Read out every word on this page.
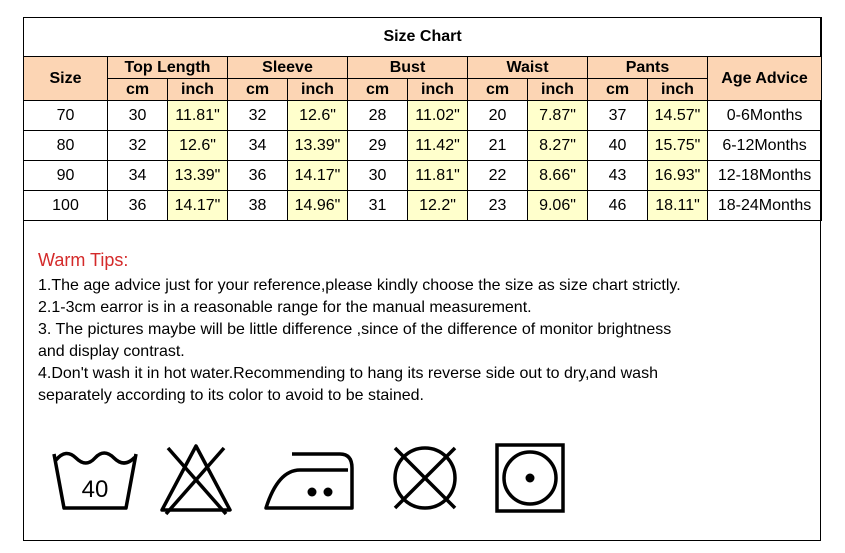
Size Chart											
Size	Top Length		Sleeve		Bust		Waist		Pants		Age Advice
	cm	inch	cm	inch	cm	inch	cm	inch	cm	inch	
70	30	11.81"	32	12.6"	28	11.02"	20	7.87"	37	14.57"	0-6Months
80	32	12.6"	34	13.39"	29	11.42"	21	8.27"	40	15.75"	6-12Months
90	34	13.39"	36	14.17"	30	11.81"	22	8.66"	43	16.93"	12-18Months
100	36	14.17"	38	14.96"	31	12.2"	23	9.06"	46	18.11"	18-24Months
Warm Tips:

1.The age advice just for your reference,please kindly choose the size as size chart strictly.

2.1-3cm earror is in a reasonable range for the manual measurement.

3. The pictures maybe will be little difference ,since of the difference of monitor brightness

and display contrast.

4.Don't wash it in hot water.Recommending to hang its reverse side out to dry,and wash

separately according to its color to avoid to be stained.

40
